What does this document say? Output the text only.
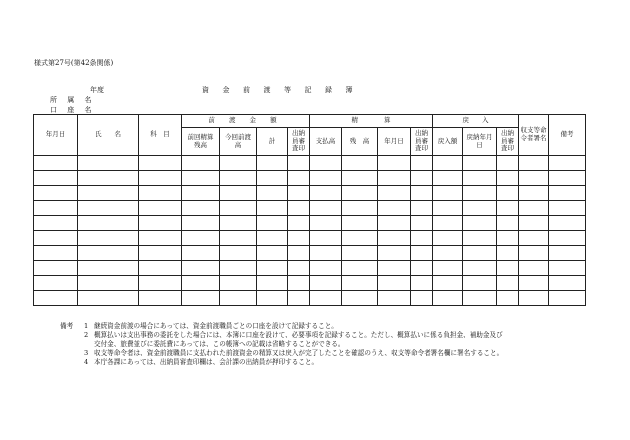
様式第27号(第42条関係)
年度	資金前渡等記録簿
所 属 名
口 座 名
年月日	氏　　名	科　目	前 渡 金 額				精　　　　算				戻　　入			収支等命令者署名	備考
			前回精算残高	今回前渡高	計	出納員審査印	支払高	残　高	年月日	出納員審査印	戻入額	戻納年月日	出納員審査印		

備考	1 継続資金前渡の場合にあっては、資金前渡職員ごとの口座を設けて記録すること。
2 概算払いは支出事務の委託をした場合には、本簿に口座を設けて、必要事項を記録すること。ただし、概算払いに係る負担金、補助金及び
交付金、旅費並びに委託費にあっては、この帳簿への記載は省略することができる。
3 収支等命令者は、資金前渡職員に支払われた前渡資金の精算又は戻入が完了したことを確認のうえ、収支等命令者署名欄に署名すること。
4 本庁各課にあっては、出納員審査印欄は、会計課の出納員が押印すること。
